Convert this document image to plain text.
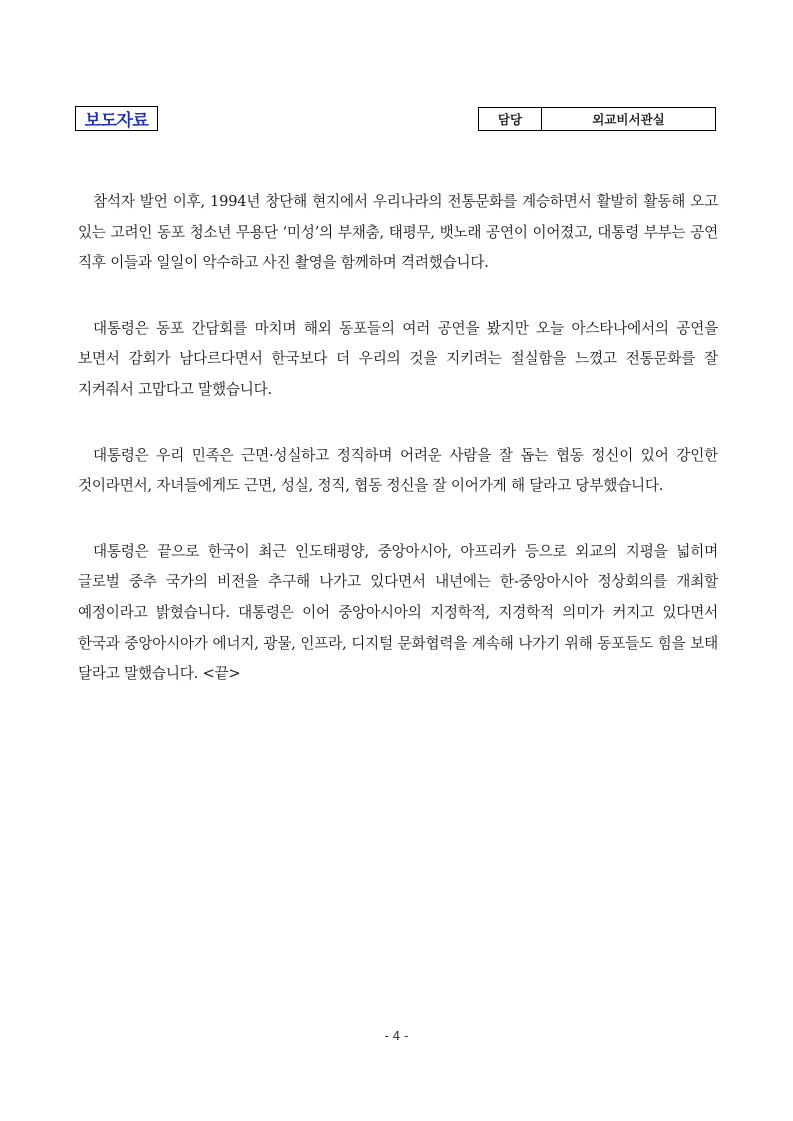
보도자료	담당	외교비서관실

참석자 발언 이후, 1994년 창단해 현지에서 우리나라의 전통문화를 계승하면서 활발히 활동해 오고 있는 고려인 동포 청소년 무용단 ‘미성’의 부채춤, 태평무, 뱃노래 공연이 이어졌고, 대통령 부부는 공연 직후 이들과 일일이 악수하고 사진 촬영을 함께하며 격려했습니다.

대통령은 동포 간담회를 마치며 해외 동포들의 여러 공연을 봤지만 오늘 아스타나에서의 공연을 보면서 감회가 남다르다면서 한국보다 더 우리의 것을 지키려는 절실함을 느꼈고 전통문화를 잘 지켜줘서 고맙다고 말했습니다.

대통령은 우리 민족은 근면·성실하고 정직하며 어려운 사람을 잘 돕는 협동 정신이 있어 강인한 것이라면서, 자녀들에게도 근면, 성실, 정직, 협동 정신을 잘 이어가게 해 달라고 당부했습니다.

대통령은 끝으로 한국이 최근 인도태평양, 중앙아시아, 아프리카 등으로 외교의 지평을 넓히며 글로벌 중추 국가의 비전을 추구해 나가고 있다면서 내년에는 한-중앙아시아 정상회의를 개최할 예정이라고 밝혔습니다. 대통령은 이어 중앙아시아의 지정학적, 지경학적 의미가 커지고 있다면서 한국과 중앙아시아가 에너지, 광물, 인프라, 디지털 문화협력을 계속해 나가기 위해 동포들도 힘을 보태 달라고 말했습니다. <끝>

- 4 -
